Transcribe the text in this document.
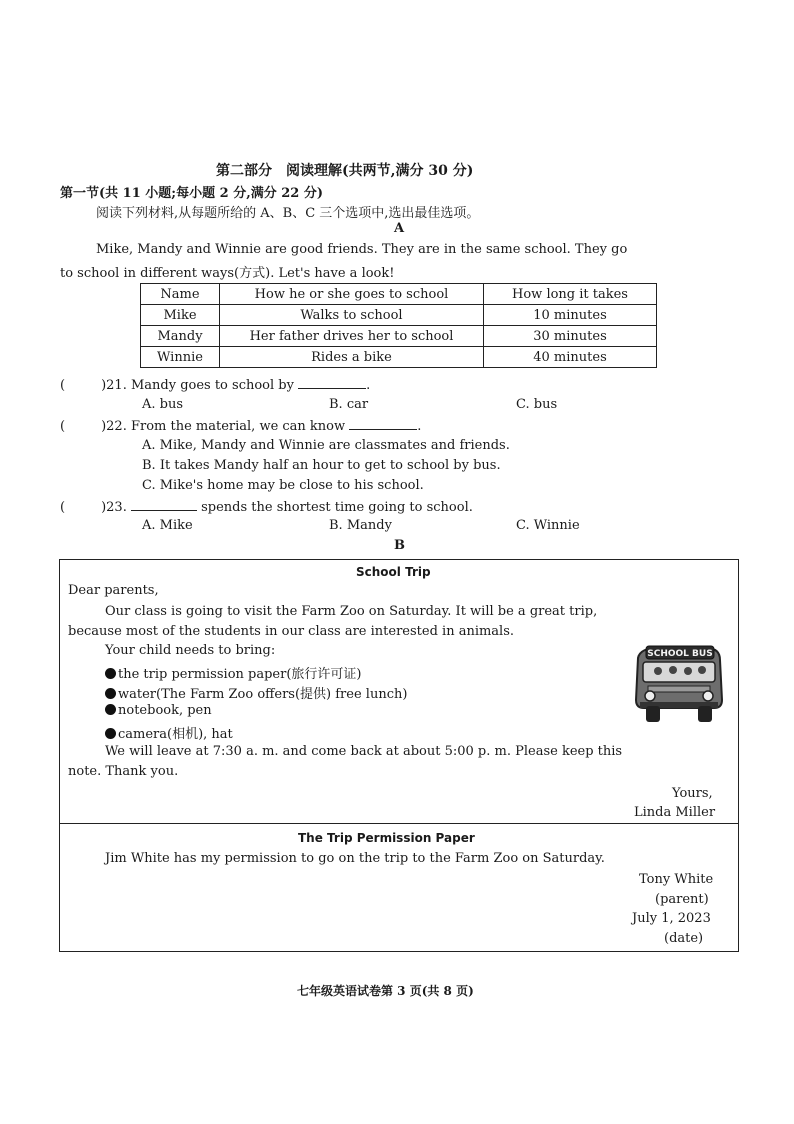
第二部分　阅读理解(共两节,满分 30 分)
第一节(共 11 小题;每小题 2 分,满分 22 分)
阅读下列材料,从每题所给的 A、B、C 三个选项中,选出最佳选项。
A
Mike, Mandy and Winnie are good friends. They are in the same school. They go
to school in different ways(方式). Let's have a look!
Name	How he or she goes to school	How long it takes
Mike	Walks to school	10 minutes
Mandy	Her father drives her to school	30 minutes
Winnie	Rides a bike	40 minutes
(	)21. Mandy goes to school by	.
A. bus	B. car	C. bus
(	)22. From the material, we can know	.
A. Mike, Mandy and Winnie are classmates and friends.
B. It takes Mandy half an hour to get to school by bus.
C. Mike's home may be close to his school.
(	)23.	spends the shortest time going to school.
A. Mike	B. Mandy	C. Winnie
B
School Trip
Dear parents,
Our class is going to visit the Farm Zoo on Saturday. It will be a great trip,
because most of the students in our class are interested in animals.
Your child needs to bring:
the trip permission paper(旅行许可证)
water(The Farm Zoo offers(提供) free lunch)
notebook, pen
camera(相机), hat
SCHOOL BUS
We will leave at 7:30 a. m. and come back at about 5:00 p. m. Please keep this
note. Thank you.
Yours,
Linda Miller
The Trip Permission Paper
Jim White has my permission to go on the trip to the Farm Zoo on Saturday.
Tony White
(parent)
July 1, 2023
(date)
七年级英语试卷第 3 页(共 8 页)
